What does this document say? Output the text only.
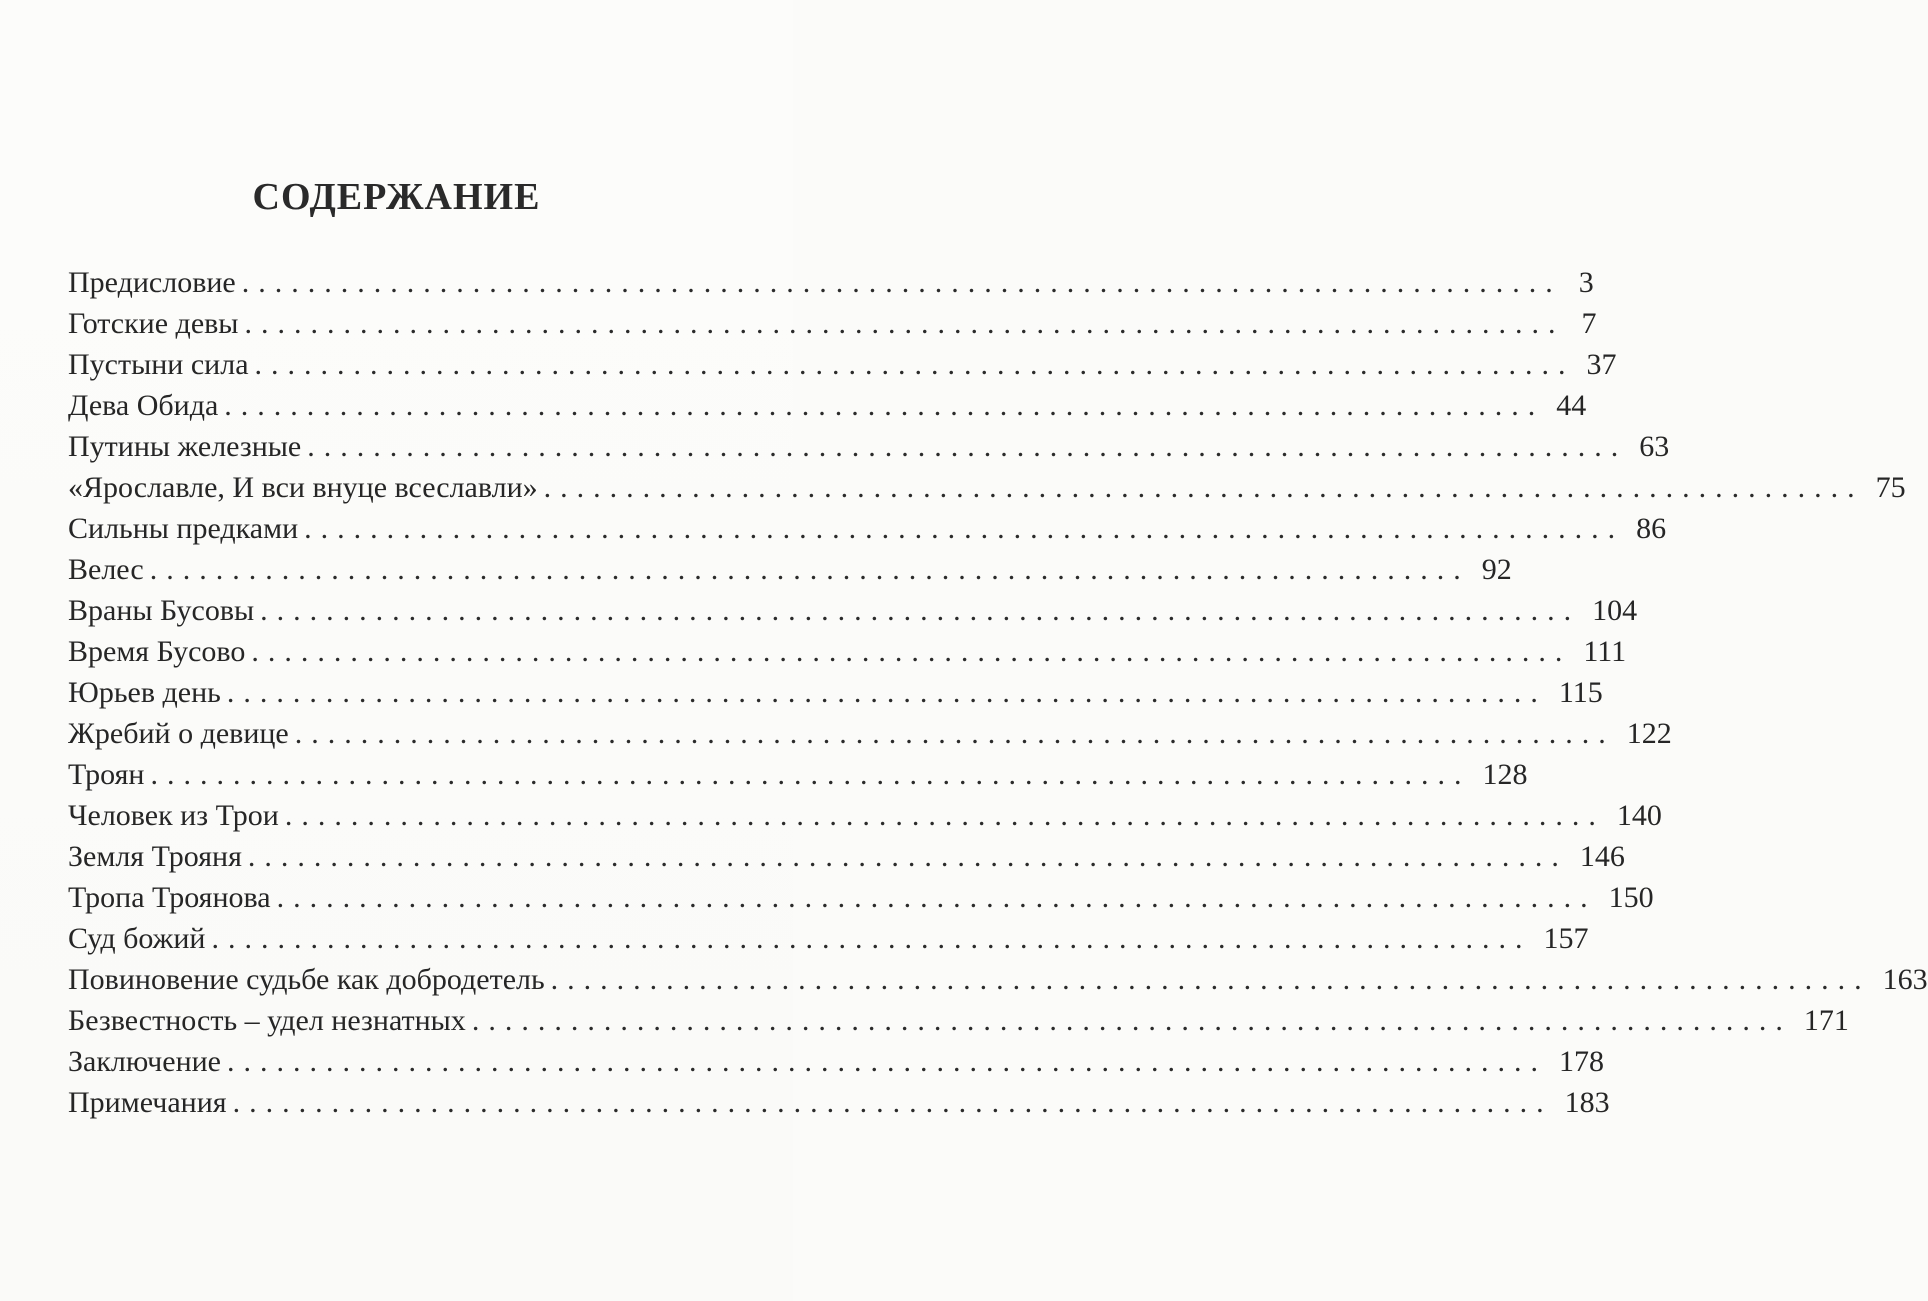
СОДЕРЖАНИЕ
Предисловие ................................................................................ 3
Готские девы ................................................................................ 7
Пустыни сила ................................................................................ 37
Дева Обида ................................................................................ 44
Путины железные ................................................................................ 63
«Ярославле, И вси внуце всеславли» ................................................................................ 75
Сильны предками ................................................................................ 86
Велес ................................................................................ 92
Враны Бусовы ................................................................................ 104
Время Бусово ................................................................................ 111
Юрьев день ................................................................................ 115
Жребий о девице ................................................................................ 122
Троян ................................................................................ 128
Человек из Трои ................................................................................ 140
Земля Трояня ................................................................................ 146
Тропа Троянова ................................................................................ 150
Суд божий ................................................................................ 157
Повиновение судьбе как добродетель ................................................................................ 163
Безвестность – удел незнатных ................................................................................ 171
Заключение ................................................................................ 178
Примечания ................................................................................ 183
